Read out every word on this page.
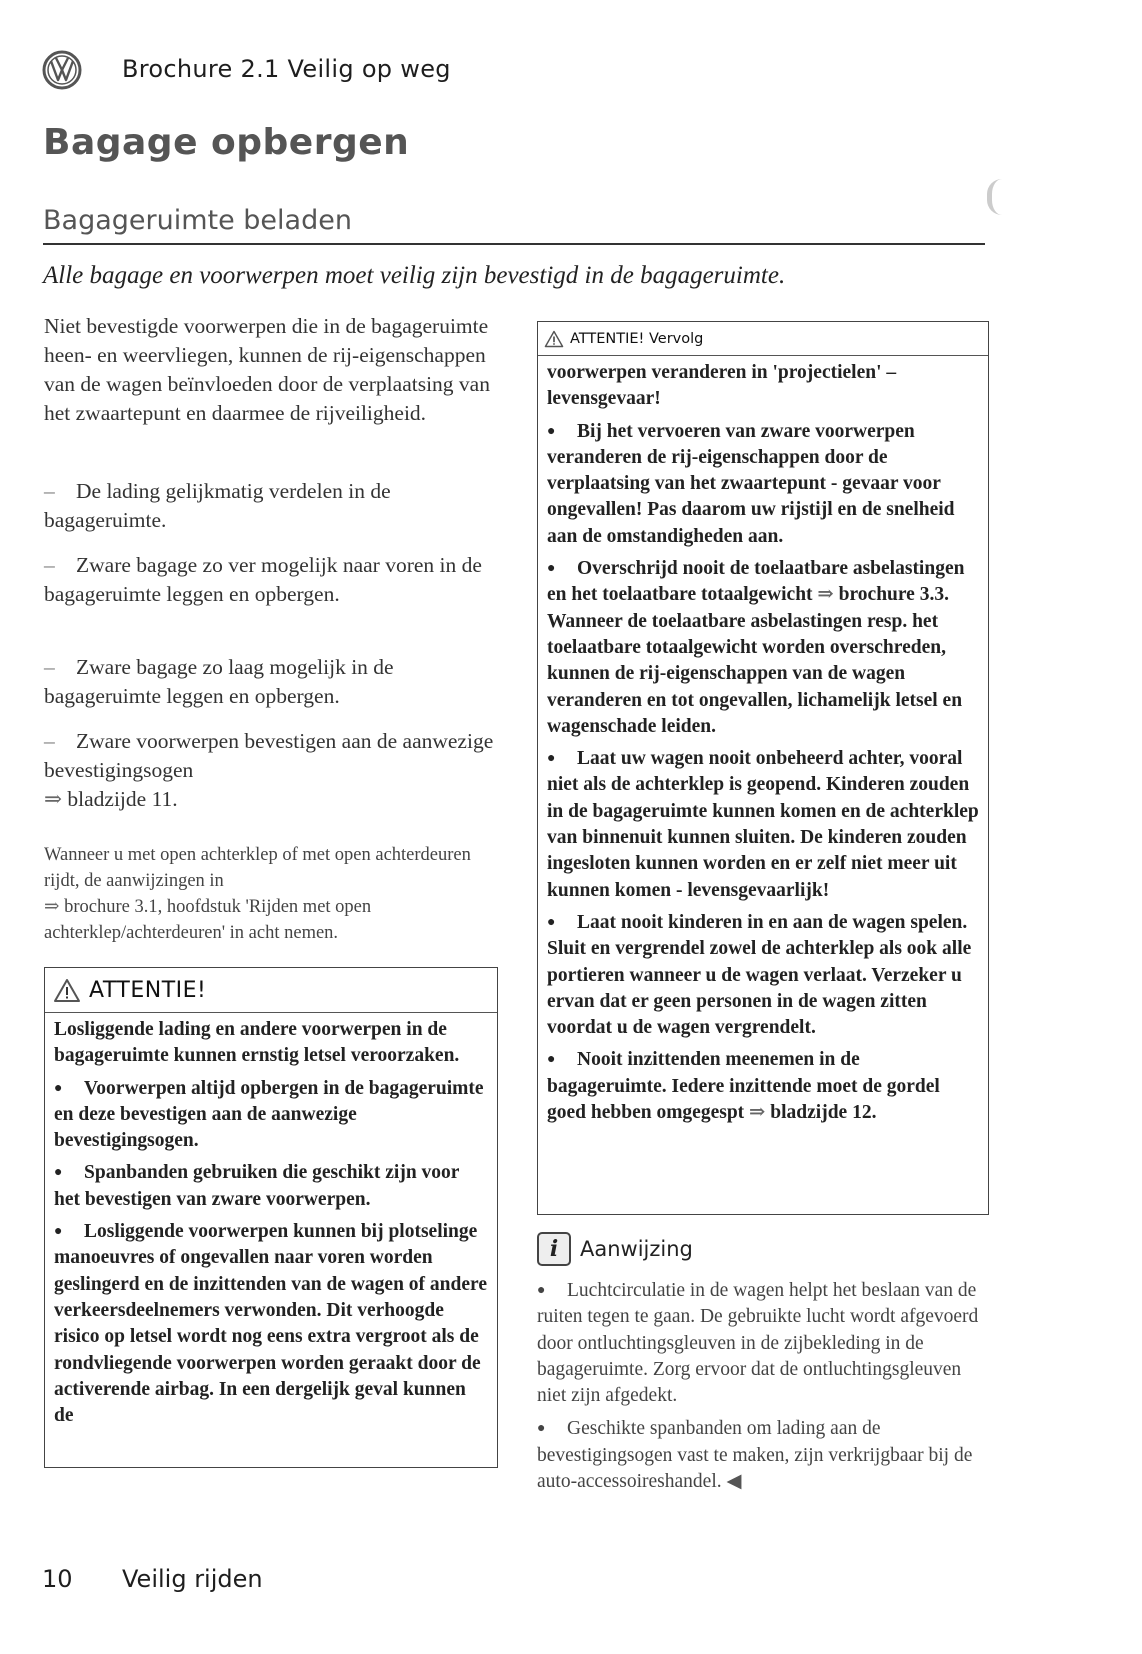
Brochure 2.1 Veilig op weg
Bagage opbergen
Bagageruimte beladen
Alle bagage en voorwerpen moet veilig zijn bevestigd in de bagageruimte.
Niet bevestigde voorwerpen die in de bagageruimte heen- en weervliegen, kunnen de rij-eigenschappen van de wagen beïnvloeden door de verplaatsing van het zwaartepunt en daarmee de rijveiligheid.
– De lading gelijkmatig verdelen in de bagageruimte.
– Zware bagage zo ver mogelijk naar voren in de bagageruimte leggen en opbergen.
– Zware bagage zo laag mogelijk in de bagageruimte leggen en opbergen.
– Zware voorwerpen bevestigen aan de aanwezige bevestigingsogen
⇒ bladzijde 11.
Wanneer u met open achterklep of met open achterdeuren rijdt, de aanwijzingen in
⇒ brochure 3.1, hoofdstuk 'Rijden met open achterklep/achterdeuren' in acht nemen.
ATTENTIE!

Losliggende lading en andere voorwerpen in de bagageruimte kunnen ernstig letsel veroorzaken.

● Voorwerpen altijd opbergen in de bagageruimte en deze bevestigen aan de aanwezige bevestigingsogen.

● Spanbanden gebruiken die geschikt zijn voor het bevestigen van zware voorwerpen.

● Losliggende voorwerpen kunnen bij plotselinge manoeuvres of ongevallen naar voren worden geslingerd en de inzittenden van de wagen of andere verkeersdeelnemers verwonden. Dit verhoogde risico op letsel wordt nog eens extra vergroot als de rondvliegende voorwerpen worden geraakt door de activerende airbag. In een dergelijk geval kunnen de

ATTENTIE! Vervolg

voorwerpen veranderen in 'projectielen' – levensgevaar!

● Bij het vervoeren van zware voorwerpen veranderen de rij-eigenschappen door de verplaatsing van het zwaartepunt - gevaar voor ongevallen! Pas daarom uw rijstijl en de snelheid aan de omstandigheden aan.

● Overschrijd nooit de toelaatbare asbelastingen en het toelaatbare totaalgewicht ⇒ brochure 3.3. Wanneer de toelaatbare asbelastingen resp. het toelaatbare totaalgewicht worden overschreden, kunnen de rij-eigenschappen van de wagen veranderen en tot ongevallen, lichamelijk letsel en wagenschade leiden.

● Laat uw wagen nooit onbeheerd achter, vooral niet als de achterklep is geopend. Kinderen zouden in de bagageruimte kunnen komen en de achterklep van binnenuit kunnen sluiten. De kinderen zouden ingesloten kunnen worden en er zelf niet meer uit kunnen komen - levensgevaarlijk!

● Laat nooit kinderen in en aan de wagen spelen. Sluit en vergrendel zowel de achterklep als ook alle portieren wanneer u de wagen verlaat. Verzeker u ervan dat er geen personen in de wagen zitten voordat u de wagen vergrendelt.

● Nooit inzittenden meenemen in de bagageruimte. Iedere inzittende moet de gordel goed hebben omgegespt ⇒ bladzijde 12.

i	Aanwijzing

● Luchtcirculatie in de wagen helpt het beslaan van de ruiten tegen te gaan. De gebruikte lucht wordt afgevoerd door ontluchtingsgleuven in de zijbekleding in de bagageruimte. Zorg ervoor dat de ontluchtingsgleuven niet zijn afgedekt.

● Geschikte spanbanden om lading aan de bevestigingsogen vast te maken, zijn verkrijgbaar bij de auto-accessoireshandel. ◀

10 Veilig rijden
